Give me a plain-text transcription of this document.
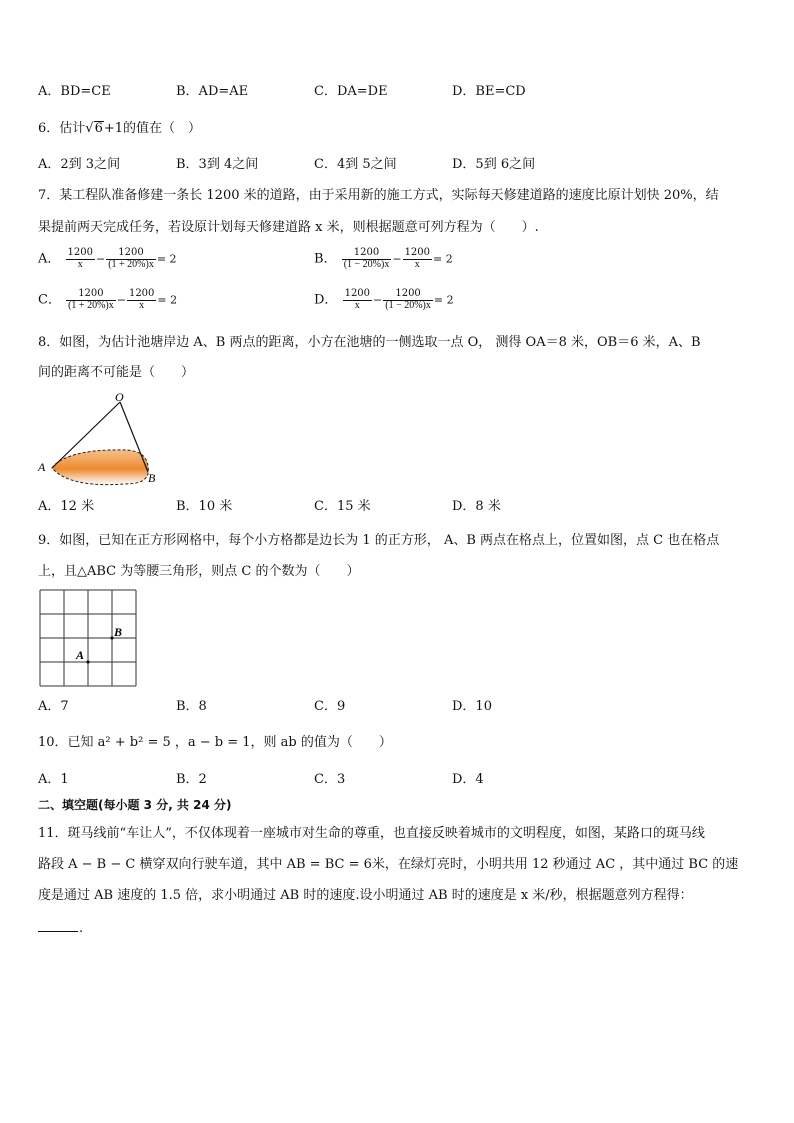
A．BD=CE	B．AD=AE	C．DA=DE	D．BE=CD
6．估计√6+1的值在（　）
A．2到 3之间	B．3到 4之间	C．4到 5之间	D．5到 6之间
7．某工程队准备修建一条长 1200 米的道路，由于采用新的施工方式，实际每天修建道路的速度比原计划快 20%，结
果提前两天完成任务，若设原计划每天修建道路 x 米，则根据题意可列方程为（　　）.
A． $\frac{1200}{x} - \frac{1200}{(1 + 20\%)x} = 2$	B． $\frac{1200}{(1 - 20\%)x} - \frac{1200}{x} = 2$
C． $\frac{1200}{(1 + 20\%)x} - \frac{1200}{x} = 2$	D． $\frac{1200}{x} - \frac{1200}{(1 - 20\%)x} = 2$
8．如图，为估计池塘岸边 A、B 两点的距离，小方在池塘的一侧选取一点 O， 测得 OA＝8 米，OB＝6 米，A、B
间的距离不可能是（　　）
O
A
B
A．12 米	B．10 米	C．15 米	D．8 米
9．如图，已知在正方形网格中，每个小方格都是边长为 1 的正方形， A、B 两点在格点上，位置如图，点 C 也在格点
上，且△ABC 为等腰三角形，则点 C 的个数为（　　）
A
B
A．7	B．8	C．9	D．10
10．已知 a² + b² = 5 ，a − b = 1，则 ab 的值为（　　）
A．1	B．2	C．3	D．4
二、填空题(每小题 3 分, 共 24 分)
11．斑马线前“车让人”，不仅体现着一座城市对生命的尊重，也直接反映着城市的文明程度，如图，某路口的斑马线
路段 A − B − C 横穿双向行驶车道，其中 AB = BC = 6米，在绿灯亮时，小明共用 12 秒通过 AC ，其中通过 BC 的速
度是通过 AB 速度的 1.5 倍，求小明通过 AB 时的速度.设小明通过 AB 时的速度是 x 米/秒，根据题意列方程得：
.
